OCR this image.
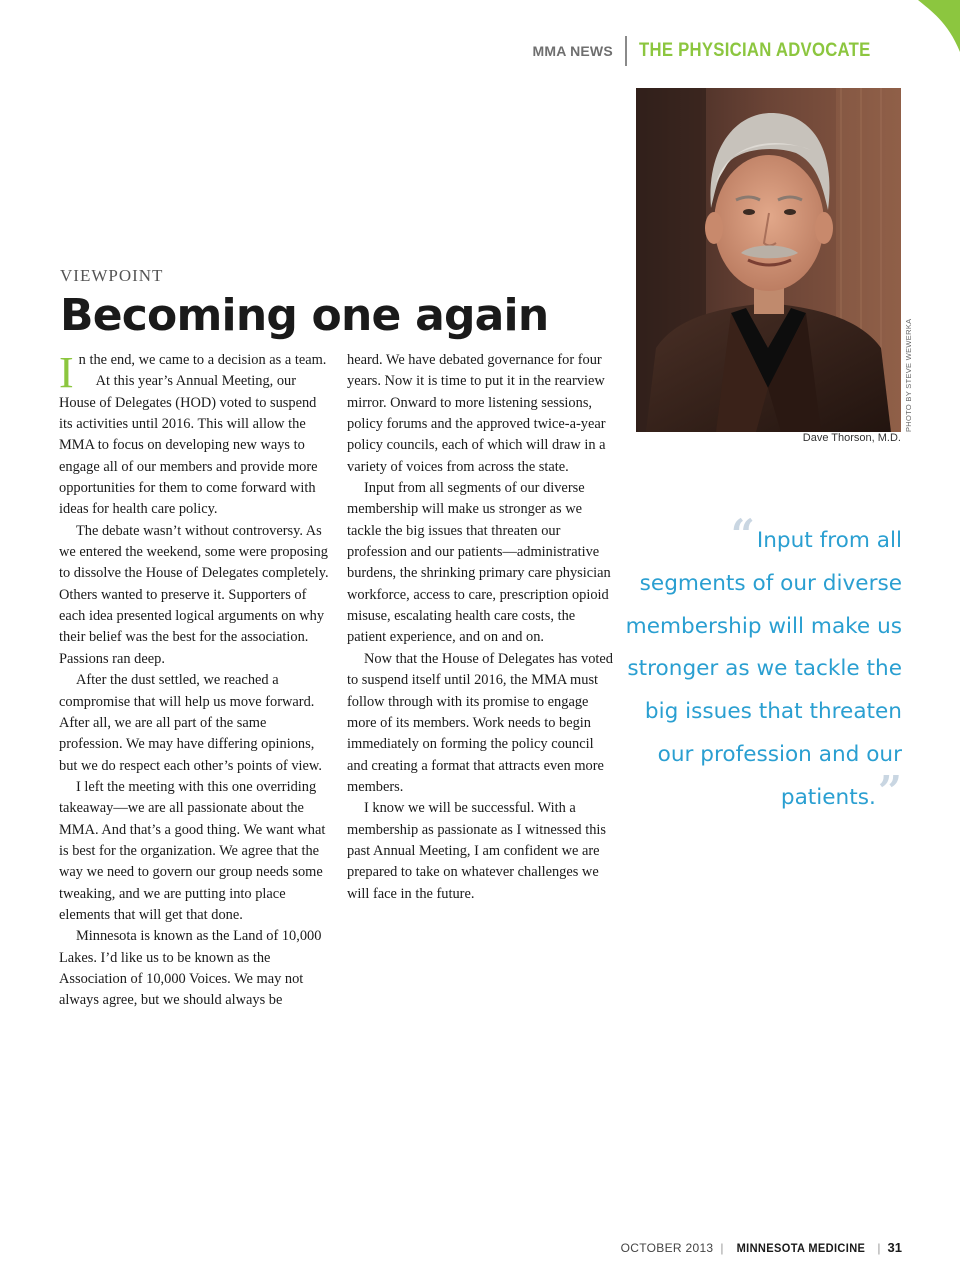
MMA NEWS THE PHYSICIAN ADVOCATE
VIEWPOINT
Becoming one again

In the end, we came to a decision as a team.

At this year’s Annual Meeting, our House of Delegates (HOD) voted to suspend its activities until 2016. This will allow the MMA to focus on developing new ways to engage all of our members and provide more opportunities for them to come forward with ideas for health care policy.

The debate wasn’t without controversy. As we entered the weekend, some were proposing to dissolve the House of Delegates completely. Others wanted to preserve it. Supporters of each idea presented logical arguments on why their belief was the best for the association. Passions ran deep.

After the dust settled, we reached a compromise that will help us move forward. After all, we are all part of the same profession. We may have differing opinions, but we do respect each other’s points of view.

I left the meeting with this one overriding takeaway—we are all passionate about the MMA. And that’s a good thing. We want what is best for the organization. We agree that the way we need to govern our group needs some tweaking, and we are putting into place elements that will get that done.

Minnesota is known as the Land of 10,000 Lakes. I’d like us to be known as the Association of 10,000 Voices. We may not always agree, but we should always be

heard. We have debated governance for four years. Now it is time to put it in the rearview mirror. Onward to more listening sessions, policy forums and the approved twice-a-year policy councils, each of which will draw in a variety of voices from across the state.

Input from all segments of our diverse membership will make us stronger as we tackle the big issues that threaten our profession and our patients—administrative burdens, the shrinking primary care physician workforce, access to care, prescription opioid misuse, escalating health care costs, the patient experience, and on and on.

Now that the House of Delegates has voted to suspend itself until 2016, the MMA must follow through with its promise to engage more of its members. Work needs to begin immediately on forming the policy council and creating a format that attracts even more members.

I know we will be successful. With a membership as passionate as I witnessed this past Annual Meeting, I am confident we are prepared to take on whatever challenges we will face in the future.

PHOTO BY STEVE WEWERKA
Dave Thorson, M.D.
“Input from all segments of our diverse membership will make us stronger as we tackle the big issues that threaten our profession and our patients.”
OCTOBER 2013 | MINNESOTA MEDICINE | 31
